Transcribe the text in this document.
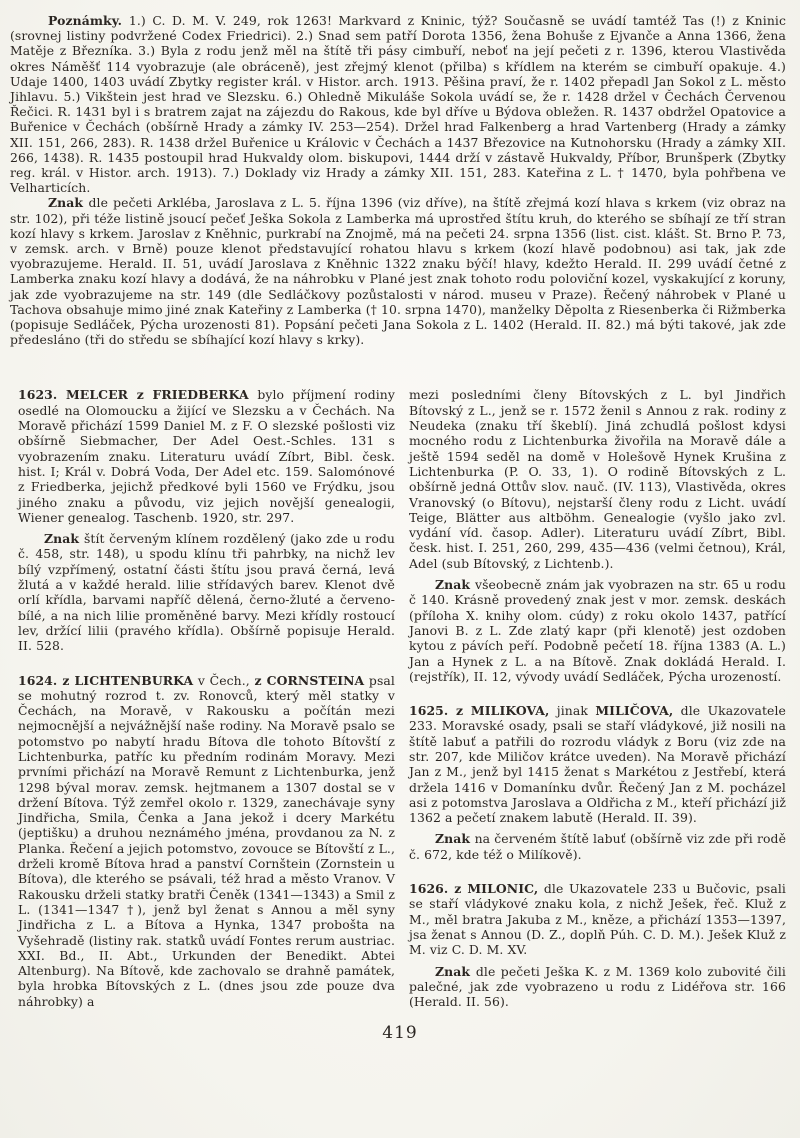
Poznámky. 1.) C. D. M. V. 249, rok 1263! Markvard z Kninic, týž? Současně se uvádí tamtéž Tas (!) z Kninic (srovnej listiny podvržené Codex Friedrici). 2.) Snad sem patří Dorota 1356, žena Bohuše z Ejvanče a Anna 1366, žena Matěje z Březníka. 3.) Byla z rodu jenž měl na štítě tři pásy cimbuří, neboť na její pečeti z r. 1396, kterou Vlastivěda okres Náměšť 114 vyobrazuje (ale obráceně), jest zřejmý klenot (přilba) s křídlem na kterém se cimbuří opakuje. 4.) Udaje 1400, 1403 uvádí Zbytky register král. v Histor. arch. 1913. Pěšina praví, že r. 1402 přepadl Jan Sokol z L. město Jihlavu. 5.) Vikštein jest hrad ve Slezsku. 6.) Ohledně Mikuláše Sokola uvádí se, že r. 1428 držel v Čechách Červenou Řečici. R. 1431 byl i s bratrem zajat na zájezdu do Rakous, kde byl dříve u Býdova obležen. R. 1437 obdržel Opatovice a Buřenice v Čechách (obšírně Hrady a zámky IV. 253—254). Držel hrad Falkenberg a hrad Vartenberg (Hrady a zámky XII. 151, 266, 283). R. 1438 držel Buřenice u Královic v Čechách a 1437 Březovice na Kutnohorsku (Hrady a zámky XII. 266, 1438). R. 1435 postoupil hrad Hukvaldy olom. biskupovi, 1444 drží v zástavě Hukvaldy, Příbor, Brunšperk (Zbytky reg. král. v Histor. arch. 1913). 7.) Doklady viz Hrady a zámky XII. 151, 283. Kateřina z L. † 1470, byla pohřbena ve Velharticích.

Znak dle pečeti Arkléba, Jaroslava z L. 5. října 1396 (viz dříve), na štítě zřejmá kozí hlava s krkem (viz obraz na str. 102), při téže listině jsoucí pečeť Ješka Sokola z Lamberka má uprostřed štítu kruh, do kterého se sbíhají ze tří stran kozí hlavy s krkem. Jaroslav z Kněhnic, purkrabí na Znojmě, má na pečeti 24. srpna 1356 (list. cist. klášt. St. Brno P. 73, v zemsk. arch. v Brně) pouze klenot představující rohatou hlavu s krkem (kozí hlavě podobnou) asi tak, jak zde vyobrazujeme. Herald. II. 51, uvádí Jaroslava z Kněhnic 1322 znaku býčí! hlavy, kdežto Herald. II. 299 uvádí četné z Lamberka znaku kozí hlavy a dodává, že na náhrobku v Plané jest znak tohoto rodu poloviční kozel, vyskakující z koruny, jak zde vyobrazujeme na str. 149 (dle Sedláčkovy pozůstalosti v národ. museu v Praze). Řečený náhrobek v Plané u Tachova obsahuje mimo jiné znak Kateřiny z Lamberka († 10. srpna 1470), manželky Děpolta z Riesenberka či Rižmberka (popisuje Sedláček, Pýcha urozenosti 81). Popsání pečeti Jana Sokola z L. 1402 (Herald. II. 82.) má býti takové, jak zde předesláno (tři do středu se sbíhající kozí hlavy s krky).

1623. MELCER z FRIEDBERKA bylo příjmení rodiny osedlé na Olomoucku a žijící ve Slezsku a v Čechách. Na Moravě přichází 1599 Daniel M. z F. O slezské pošlosti viz obšírně Siebmacher, Der Adel Oest.-Schles. 131 s vyobrazením znaku. Literaturu uvádí Zíbrt, Bibl. česk. hist. I; Král v. Dobrá Voda, Der Adel etc. 159. Salomónové z Friedberka, jejichž předkové byli 1560 ve Frýdku, jsou jiného znaku a původu, viz jejich novější genealogii, Wiener genealog. Taschenb. 1920, str. 297.

Znak štít červeným klínem rozdělený (jako zde u rodu č. 458, str. 148), u spodu klínu tři pahrbky, na nichž lev bílý vzpřímený, ostatní části štítu jsou pravá černá, levá žlutá a v každé herald. lilie střídavých barev. Klenot dvě orlí křídla, barvami napříč dělená, černo-žluté a červeno-bílé, a na nich lilie proměněné barvy. Mezi křídly rostoucí lev, držící lilii (pravého křídla). Obšírně popisuje Herald. II. 528.

1624. z LICHTENBURKA v Čech., z CORNSTEINA psal se mohutný rozrod t. zv. Ronovců, který měl statky v Čechách, na Moravě, v Rakousku a počítán mezi nejmocnější a nejvážnější naše rodiny. Na Moravě psalo se potomstvo po nabytí hradu Bítova dle tohoto Bítovští z Lichtenburka, patříc ku předním rodinám Moravy. Mezi prvními přichází na Moravě Remunt z Lichtenburka, jenž 1298 býval morav. zemsk. hejtmanem a 1307 dostal se v držení Bítova. Týž zemřel okolo r. 1329, zanechávaje syny Jindřicha, Smila, Čenka a Jana jekož i dcery Markétu (jeptišku) a druhou neznámého jména, provdanou za N. z Planka. Řečení a jejich potomstvo, zovouce se Bítovští z L., drželi kromě Bítova hrad a panství Cornštein (Zornstein u Bítova), dle kterého se psávali, též hrad a město Vranov. V Rakousku drželi statky bratři Čeněk (1341—1343) a Smil z L. (1341—1347 †), jenž byl ženat s Annou a měl syny Jindřicha z L. a Bítova a Hynka, 1347 probošta na Vyšehradě (listiny rak. statků uvádí Fontes rerum austriac. XXI. Bd., II. Abt., Urkunden der Benedikt. Abtei Altenburg). Na Bítově, kde zachovalo se drahně památek, byla hrobka Bítovských z L. (dnes jsou zde pouze dva náhrobky) a

mezi posledními členy Bítovských z L. byl Jindřich Bítovský z L., jenž se r. 1572 ženil s Annou z rak. rodiny z Neudeka (znaku tří škeblí). Jiná zchudlá pošlost kdysi mocného rodu z Lichtenburka živořila na Moravě dále a ještě 1594 seděl na domě v Holešově Hynek Krušina z Lichtenburka (P. O. 33, 1). O rodině Bítovských z L. obšírně jedná Ottův slov. nauč. (IV. 113), Vlastivěda, okres Vranovský (o Bítovu), nejstarší členy rodu z Licht. uvádí Teige, Blätter aus altböhm. Genealogie (vyšlo jako zvl. vydání víd. časop. Adler). Literaturu uvádí Zíbrt, Bibl. česk. hist. I. 251, 260, 299, 435—436 (velmi četnou), Král, Adel (sub Bítovský, z Lichtenb.).

Znak všeobecně znám jak vyobrazen na str. 65 u rodu č 140. Krásně provedený znak jest v mor. zemsk. deskách (příloha X. knihy olom. cúdy) z roku okolo 1437, patřící Janovi B. z L. Zde zlatý kapr (při klenotě) jest ozdoben kytou z pávích peří. Podobně pečetí 18. října 1383 (A. L.) Jan a Hynek z L. a na Bítově. Znak dokládá Herald. I. (rejstřík), II. 12, vývody uvádí Sedláček, Pýcha urozeností.

1625. z MILIKOVA, jinak MILIČOVA, dle Ukazovatele 233. Moravské osady, psali se staří vládykové, již nosili na štítě labuť a patřili do rozrodu vládyk z Boru (viz zde na str. 207, kde Miličov krátce uveden). Na Moravě přichází Jan z M., jenž byl 1415 ženat s Markétou z Jestřebí, která držela 1416 v Domanínku dvůr. Řečený Jan z M. pocházel asi z potomstva Jaroslava a Oldřicha z M., kteří přichází již 1362 a pečetí znakem labutě (Herald. II. 39).

Znak na červeném štítě labuť (obšírně viz zde při rodě č. 672, kde též o Milíkově).

1626. z MILONIC, dle Ukazovatele 233 u Bučovic, psali se staří vládykové znaku kola, z nichž Ješek, řeč. Kluž z M., měl bratra Jakuba z M., kněze, a přichází 1353—1397, jsa ženat s Annou (D. Z., doplň Púh. C. D. M.). Ješek Kluž z M. viz C. D. M. XV.

Znak dle pečeti Ješka K. z M. 1369 kolo zubovité čili palečné, jak zde vyobrazeno u rodu z Lidéřova str. 166 (Herald. II. 56).

419
